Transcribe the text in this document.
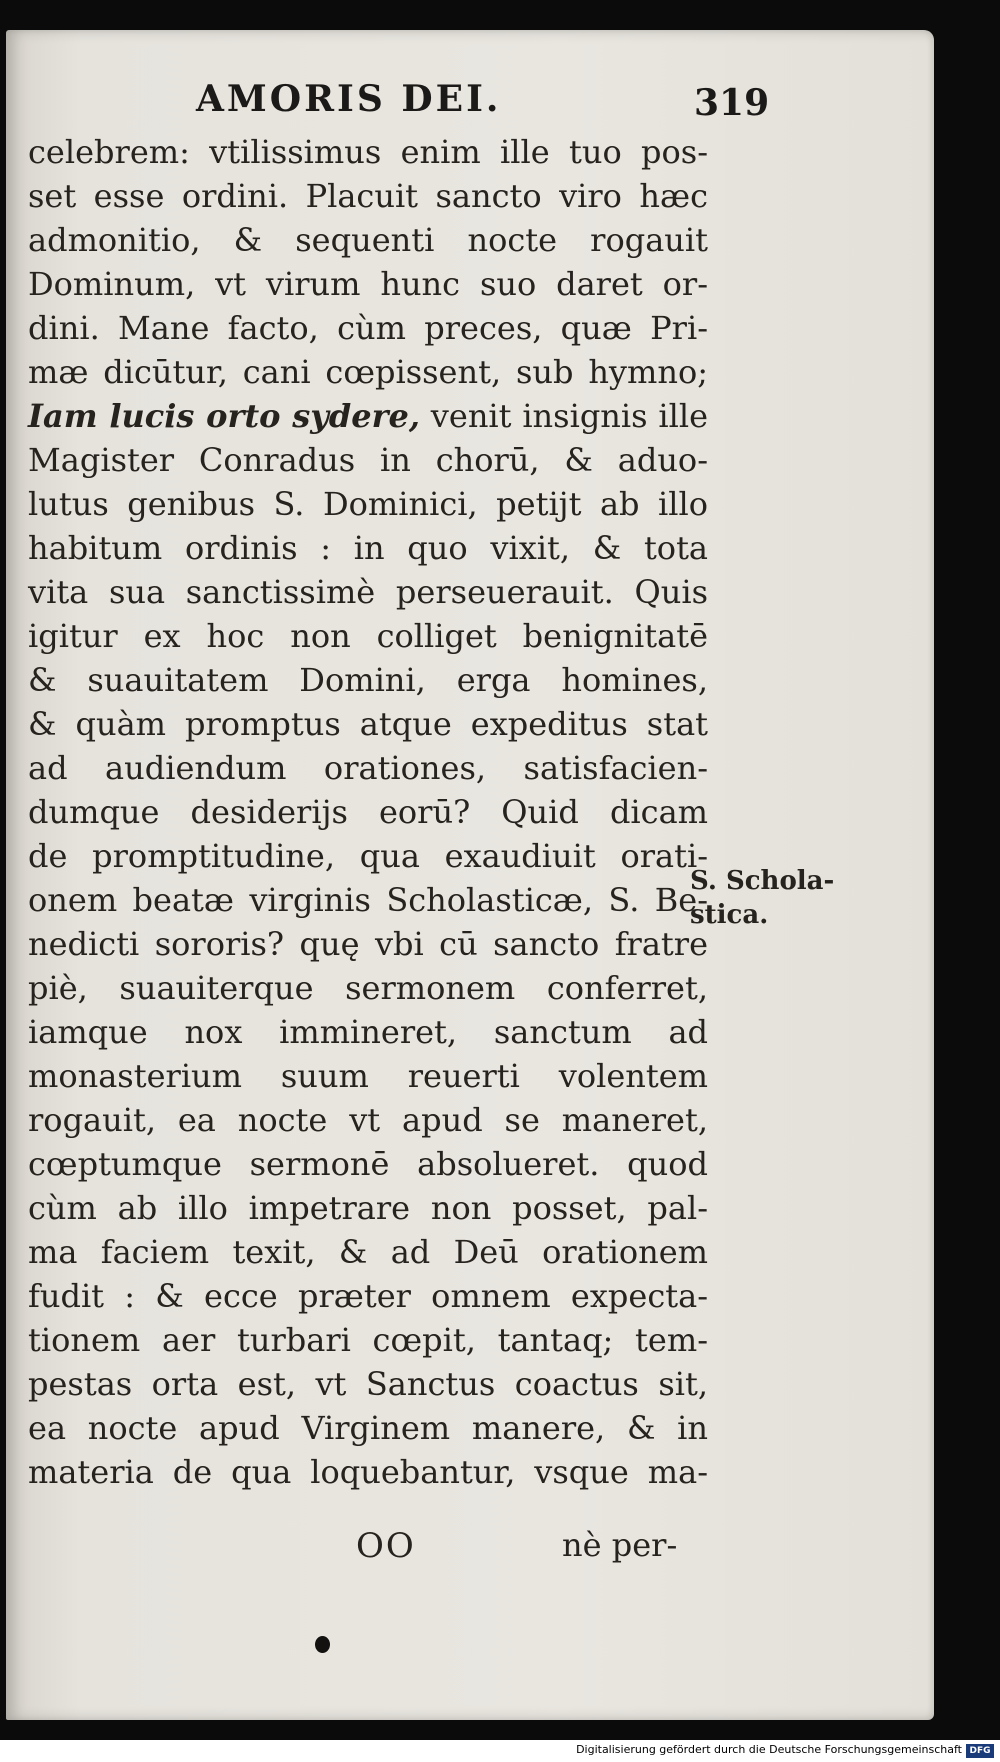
AMORIS DEI.	319
celebrem: vtilissimus enim ille tuo pos-
set esse ordini. Placuit sancto viro hæc
admonitio, & sequenti nocte rogauit
Dominum, vt virum hunc suo daret or-
dini. Mane facto, cùm preces, quæ Pri-
mæ dicūtur, cani cœpissent, sub hymno;
Iam lucis orto sydere, venit insignis ille
Magister Conradus in chorū, & aduo-
lutus genibus S. Dominici, petijt ab illo
habitum ordinis : in quo vixit, & tota
vita sua sanctissimè perseuerauit. Quis
igitur ex hoc non colliget benignitatē
& suauitatem Domini, erga homines,
& quàm promptus atque expeditus stat
ad audiendum orationes, satisfacien-
dumque desiderijs eorū? Quid dicam
de promptitudine, qua exaudiuit orati-
onem beatæ virginis Scholasticæ, S. Be-
nedicti sororis? quę vbi cū sancto fratre
piè, suauiterque sermonem conferret,
iamque nox immineret, sanctum ad
monasterium suum reuerti volentem
rogauit, ea nocte vt apud se maneret,
cœptumque sermonē absolueret. quod
cùm ab illo impetrare non posset, pal-
ma faciem texit, & ad Deū orationem
fudit : & ecce præter omnem expecta-
tionem aer turbari cœpit, tantaq; tem-
pestas orta est, vt Sanctus coactus sit,
ea nocte apud Virginem manere, & in
materia de qua loquebantur, vsque ma-
S. Schola-
stica.
OO	nè per-
Digitalisierung gefördert durch die Deutsche Forschungsgemeinschaft DFG
